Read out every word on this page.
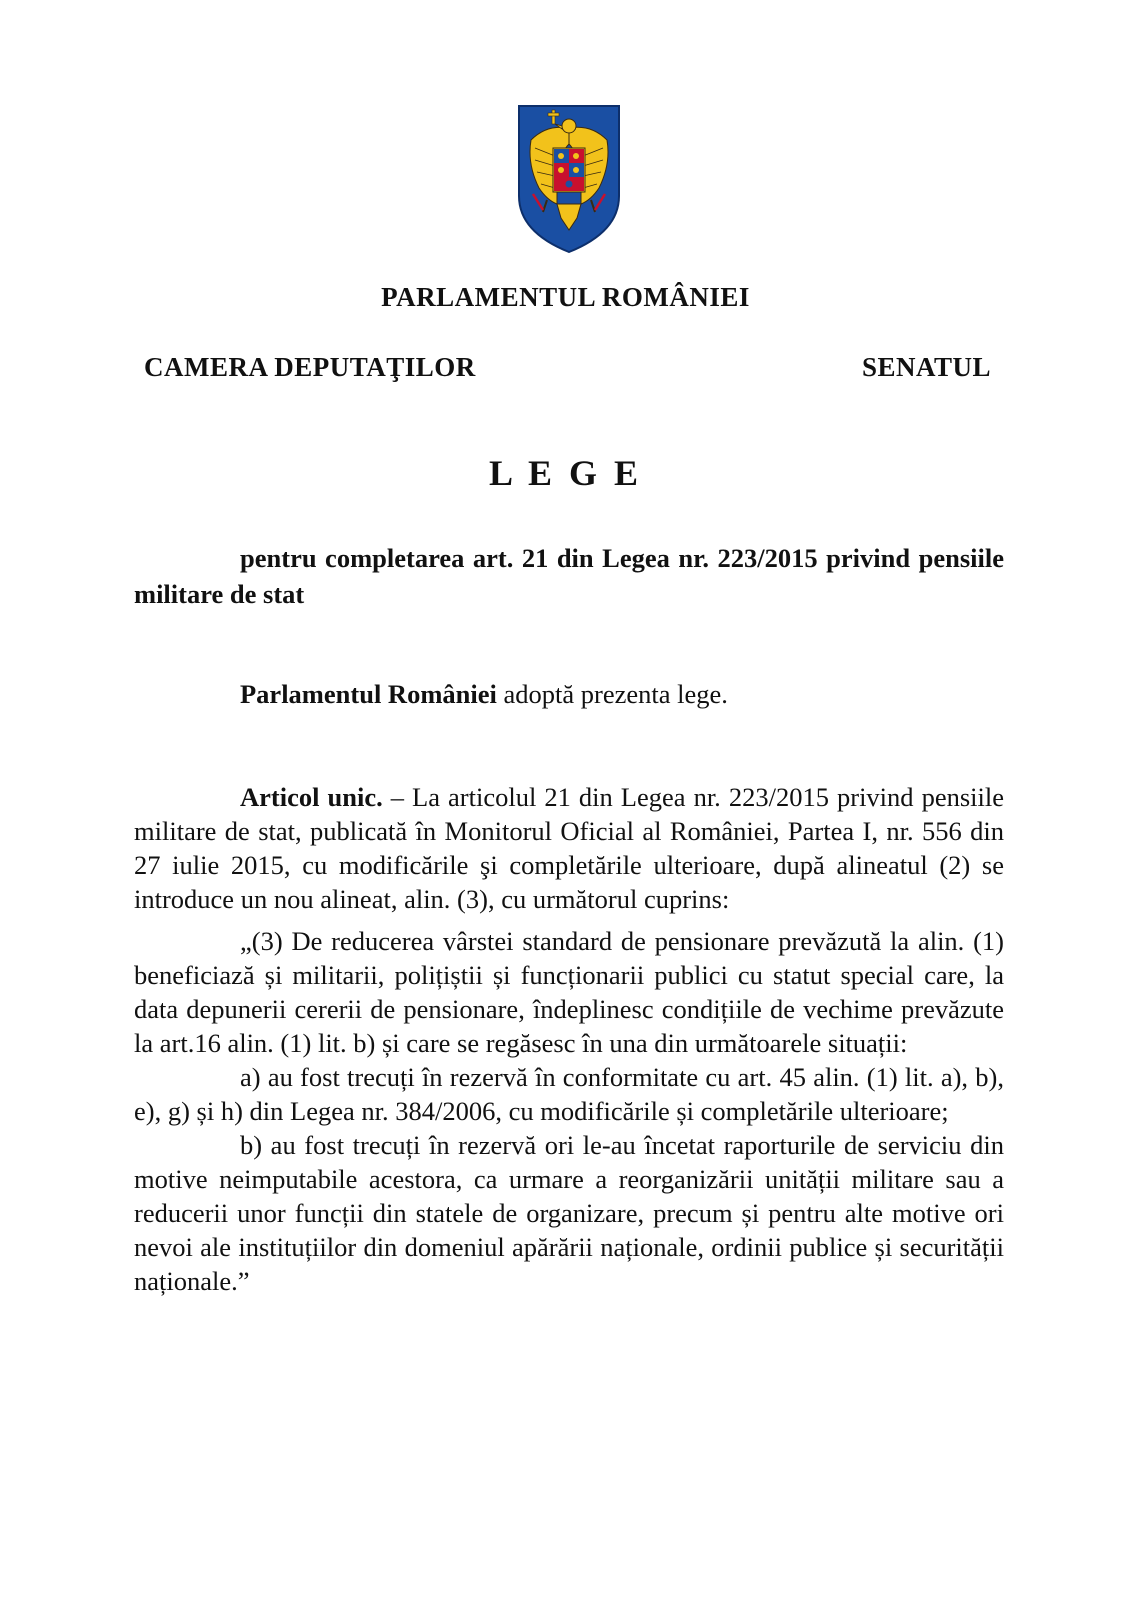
PARLAMENTUL ROMÂNIEI
CAMERA DEPUTAŢILOR	SENATUL
L E G E
pentru completarea art. 21 din Legea nr. 223/2015 privind pensiile militare de stat
Parlamentul României adoptă prezenta lege.

Articol unic. – La articolul 21 din Legea nr. 223/2015 privind pensiile militare de stat, publicată în Monitorul Oficial al României, Partea I, nr. 556 din 27 iulie 2015, cu modificările şi completările ulterioare, după alineatul (2) se introduce un nou alineat, alin. (3), cu următorul cuprins:

„(3) De reducerea vârstei standard de pensionare prevăzută la alin. (1) beneficiază și militarii, polițiștii și funcționarii publici cu statut special care, la data depunerii cererii de pensionare, îndeplinesc condițiile de vechime prevăzute la art.16 alin. (1) lit. b) și care se regăsesc în una din următoarele situații:

a) au fost trecuți în rezervă în conformitate cu art. 45 alin. (1) lit. a), b), e), g) și h) din Legea nr. 384/2006, cu modificările și completările ulterioare;

b) au fost trecuți în rezervă ori le-au încetat raporturile de serviciu din motive neimputabile acestora, ca urmare a reorganizării unității militare sau a reducerii unor funcții din statele de organizare, precum și pentru alte motive ori nevoi ale instituțiilor din domeniul apărării naționale, ordinii publice și securității naționale.”
